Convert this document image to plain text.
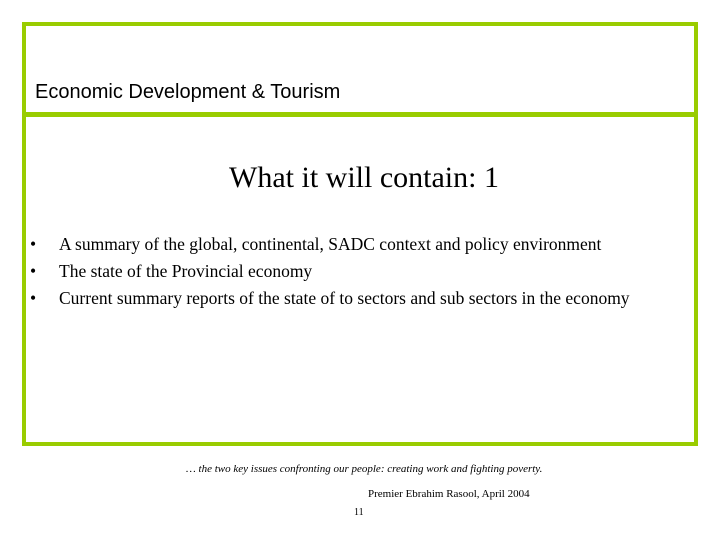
Economic Development & Tourism
What it will contain: 1
• A summary of the global, continental, SADC context and policy environment
• The state of the Provincial economy
• Current summary reports of the state of to sectors and sub sectors in the economy
… the two key issues confronting our people: creating work and fighting poverty.
Premier Ebrahim Rasool, April 2004
11
